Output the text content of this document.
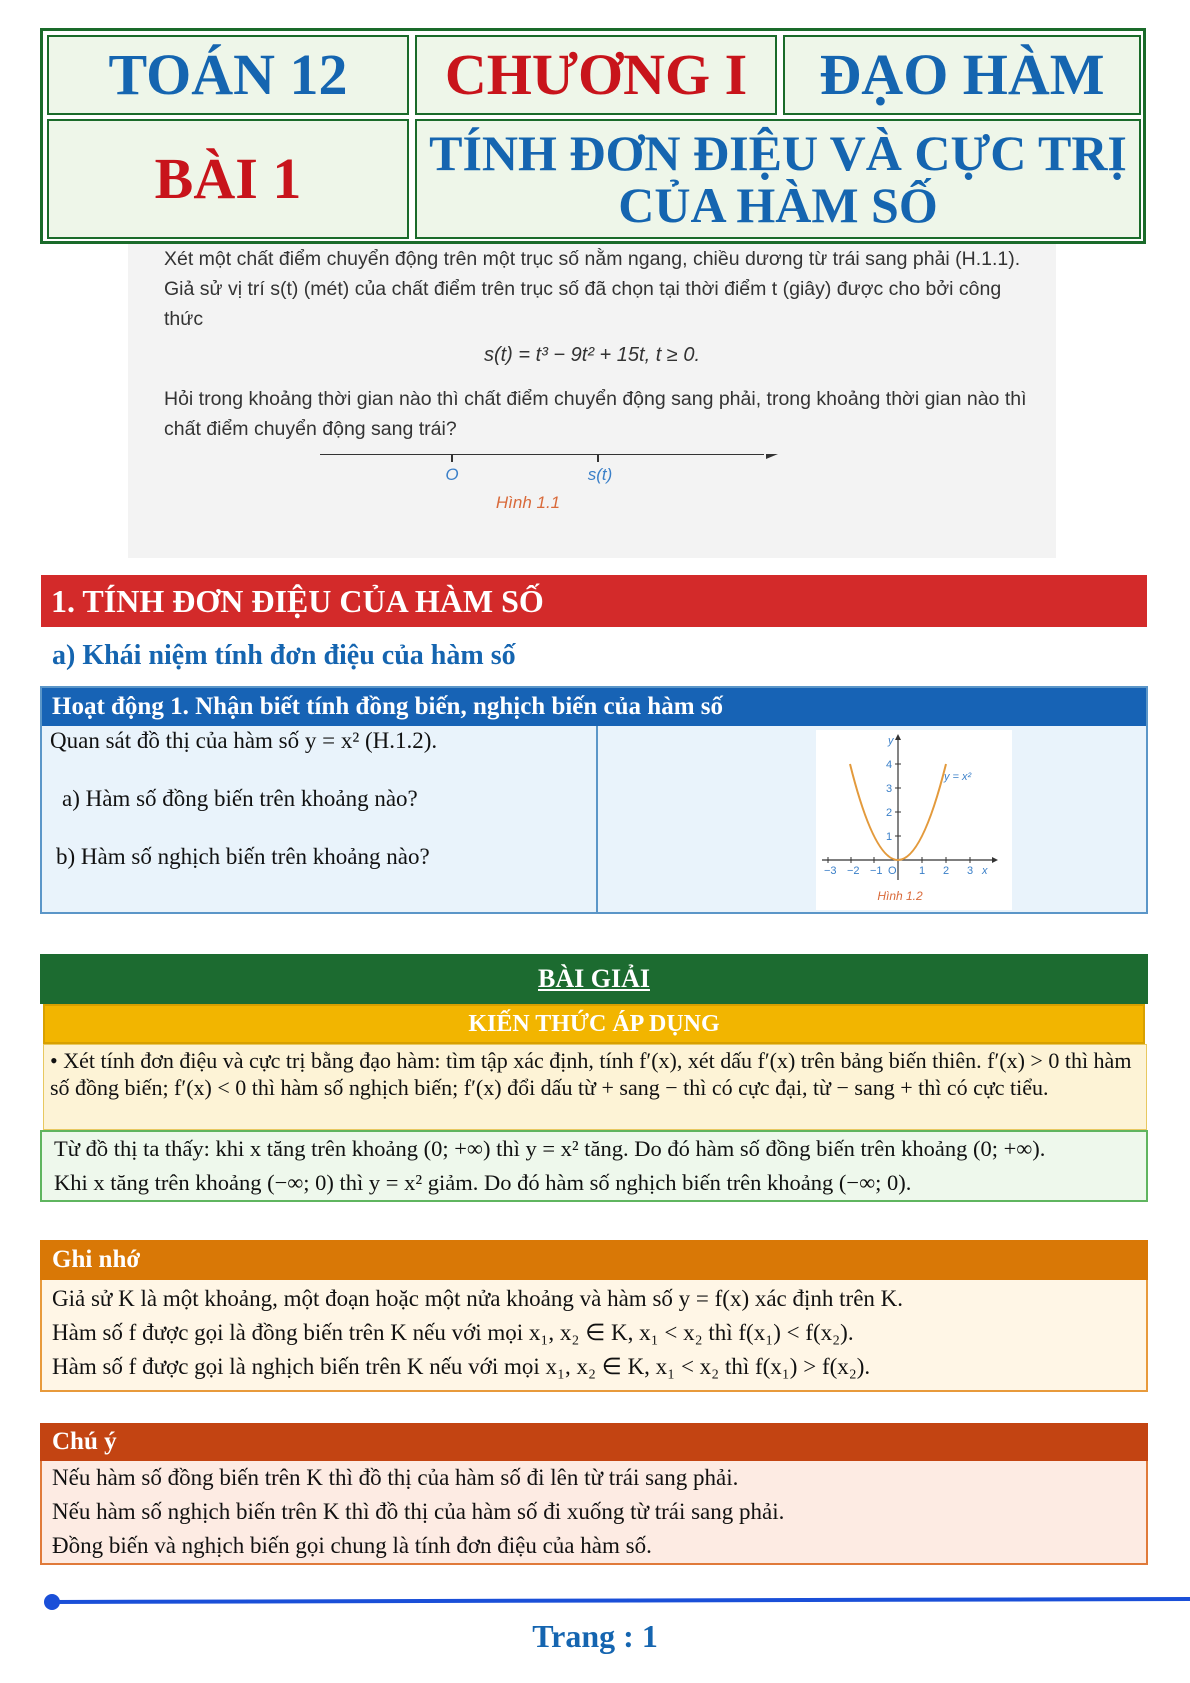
TOÁN 12	CHƯƠNG I	ĐẠO HÀM
BÀI 1	TÍNH ĐƠN ĐIỆU VÀ CỰC TRỊ CỦA HÀM SỐ

Xét một chất điểm chuyển động trên một trục số nằm ngang, chiều dương từ trái sang phải (H.1.1). Giả sử vị trí s(t) (mét) của chất điểm trên trục số đã chọn tại thời điểm t (giây) được cho bởi công thức

s(t) = t³ − 9t² + 15t, t ≥ 0.

Hỏi trong khoảng thời gian nào thì chất điểm chuyển động sang phải, trong khoảng thời gian nào thì chất điểm chuyển động sang trái?

O	s(t)
Hình 1.1
1. TÍNH ĐƠN ĐIỆU CỦA HÀM SỐ
a) Khái niệm tính đơn điệu của hàm số
Hoạt động 1. Nhận biết tính đồng biến, nghịch biến của hàm số
Quan sát đồ thị của hàm số y = x² (H.1.2).
a) Hàm số đồng biến trên khoảng nào?
b) Hàm số nghịch biến trên khoảng nào?
−3 −2 −1	1 2 3
1
2
3
4
O	x
y
y = x²
Hình 1.2
BÀI GIẢI
KIẾN THỨC ÁP DỤNG
• Xét tính đơn điệu và cực trị bằng đạo hàm: tìm tập xác định, tính f′(x), xét dấu f′(x) trên bảng biến thiên. f′(x) > 0 thì hàm số đồng biến; f′(x) < 0 thì hàm số nghịch biến; f′(x) đổi dấu từ + sang − thì có cực đại, từ − sang + thì có cực tiểu.
Từ đồ thị ta thấy: khi x tăng trên khoảng (0; +∞) thì y = x² tăng. Do đó hàm số đồng biến trên khoảng (0; +∞).
Khi x tăng trên khoảng (−∞; 0) thì y = x² giảm. Do đó hàm số nghịch biến trên khoảng (−∞; 0).
Ghi nhớ
Giả sử K là một khoảng, một đoạn hoặc một nửa khoảng và hàm số y = f(x) xác định trên K.
Hàm số f được gọi là đồng biến trên K nếu với mọi x₁, x₂ ∈ K, x₁ < x₂ thì f(x₁) < f(x₂).
Hàm số f được gọi là nghịch biến trên K nếu với mọi x₁, x₂ ∈ K, x₁ < x₂ thì f(x₁) > f(x₂).
Chú ý
Nếu hàm số đồng biến trên K thì đồ thị của hàm số đi lên từ trái sang phải.
Nếu hàm số nghịch biến trên K thì đồ thị của hàm số đi xuống từ trái sang phải.
Đồng biến và nghịch biến gọi chung là tính đơn điệu của hàm số.
Trang : 1
